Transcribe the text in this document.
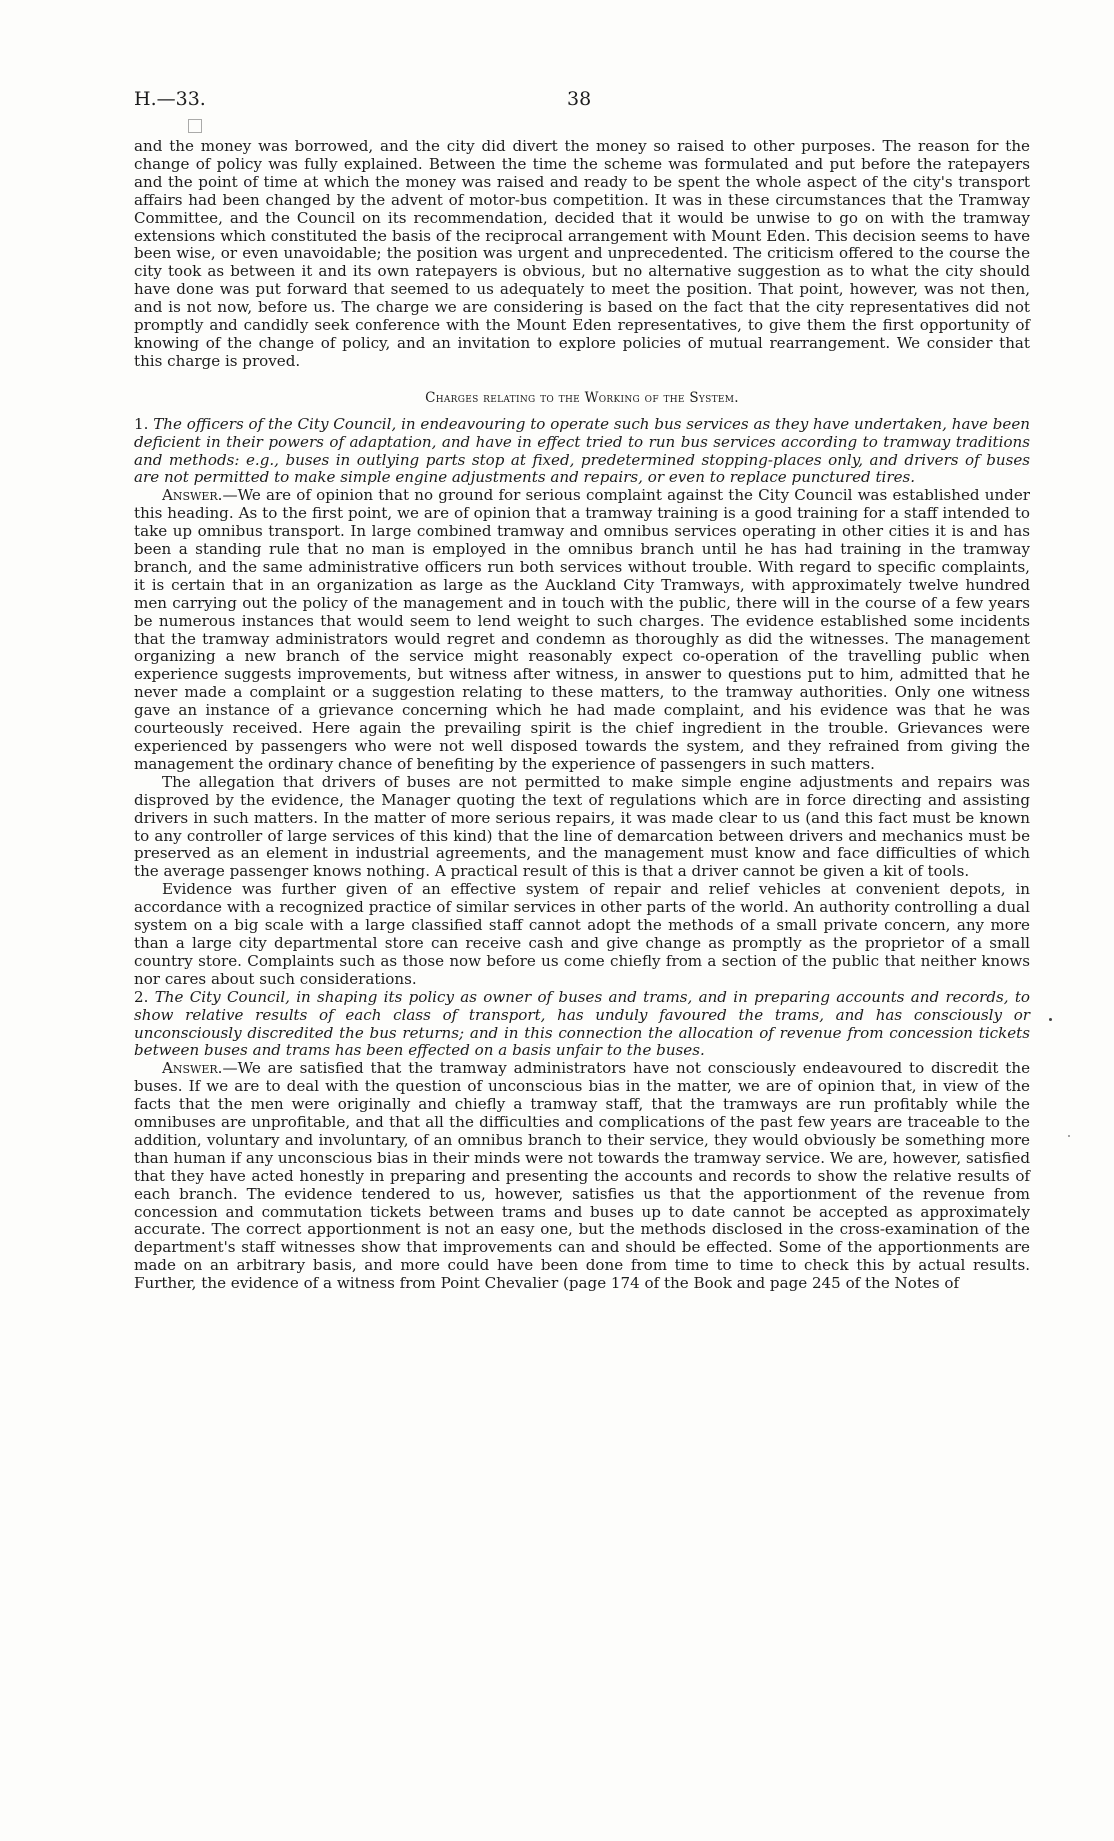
H.—33.	38

and the money was borrowed, and the city did divert the money so raised to other purposes. The reason for the change of policy was fully explained. Between the time the scheme was formulated and put before the ratepayers and the point of time at which the money was raised and ready to be spent the whole aspect of the city's transport affairs had been changed by the advent of motor-bus competition. It was in these circumstances that the Tramway Committee, and the Council on its recommendation, decided that it would be unwise to go on with the tramway extensions which constituted the basis of the reciprocal arrangement with Mount Eden. This decision seems to have been wise, or even unavoidable; the position was urgent and unprecedented. The criticism offered to the course the city took as between it and its own ratepayers is obvious, but no alternative suggestion as to what the city should have done was put forward that seemed to us adequately to meet the position. That point, however, was not then, and is not now, before us. The charge we are considering is based on the fact that the city representatives did not promptly and candidly seek conference with the Mount Eden representatives, to give them the first opportunity of knowing of the change of policy, and an invitation to explore policies of mutual rearrangement. We consider that this charge is proved.

Charges relating to the Working of the System.

1. The officers of the City Council, in endeavouring to operate such bus services as they have undertaken, have been deficient in their powers of adaptation, and have in effect tried to run bus services according to tramway traditions and methods: e.g., buses in outlying parts stop at fixed, predetermined stopping-places only, and drivers of buses are not permitted to make simple engine adjustments and repairs, or even to replace punctured tires.

Answer.—We are of opinion that no ground for serious complaint against the City Council was established under this heading. As to the first point, we are of opinion that a tramway training is a good training for a staff intended to take up omnibus transport. In large combined tramway and omnibus services operating in other cities it is and has been a standing rule that no man is employed in the omnibus branch until he has had training in the tramway branch, and the same administrative officers run both services without trouble. With regard to specific complaints, it is certain that in an organization as large as the Auckland City Tramways, with approximately twelve hundred men carrying out the policy of the management and in touch with the public, there will in the course of a few years be numerous instances that would seem to lend weight to such charges. The evidence established some incidents that the tramway administrators would regret and condemn as thoroughly as did the witnesses. The management organizing a new branch of the service might reasonably expect co-operation of the travelling public when experience suggests improvements, but witness after witness, in answer to questions put to him, admitted that he never made a complaint or a suggestion relating to these matters, to the tramway authorities. Only one witness gave an instance of a grievance concerning which he had made complaint, and his evidence was that he was courteously received. Here again the prevailing spirit is the chief ingredient in the trouble. Grievances were experienced by passengers who were not well disposed towards the system, and they refrained from giving the management the ordinary chance of benefiting by the experience of passengers in such matters.

The allegation that drivers of buses are not permitted to make simple engine adjustments and repairs was disproved by the evidence, the Manager quoting the text of regulations which are in force directing and assisting drivers in such matters. In the matter of more serious repairs, it was made clear to us (and this fact must be known to any controller of large services of this kind) that the line of demarcation between drivers and mechanics must be preserved as an element in industrial agreements, and the management must know and face difficulties of which the average passenger knows nothing. A practical result of this is that a driver cannot be given a kit of tools.

Evidence was further given of an effective system of repair and relief vehicles at convenient depots, in accordance with a recognized practice of similar services in other parts of the world. An authority controlling a dual system on a big scale with a large classified staff cannot adopt the methods of a small private concern, any more than a large city departmental store can receive cash and give change as promptly as the proprietor of a small country store. Complaints such as those now before us come chiefly from a section of the public that neither knows nor cares about such considerations.

2. The City Council, in shaping its policy as owner of buses and trams, and in preparing accounts and records, to show relative results of each class of transport, has unduly favoured the trams, and has consciously or unconsciously discredited the bus returns; and in this connection the allocation of revenue from concession tickets between buses and trams has been effected on a basis unfair to the buses.

Answer.—We are satisfied that the tramway administrators have not consciously endeavoured to discredit the buses. If we are to deal with the question of unconscious bias in the matter, we are of opinion that, in view of the facts that the men were originally and chiefly a tramway staff, that the tramways are run profitably while the omnibuses are unprofitable, and that all the difficulties and complications of the past few years are traceable to the addition, voluntary and involuntary, of an omnibus branch to their service, they would obviously be something more than human if any unconscious bias in their minds were not towards the tramway service. We are, however, satisfied that they have acted honestly in preparing and presenting the accounts and records to show the relative results of each branch. The evidence tendered to us, however, satisfies us that the apportionment of the revenue from concession and commutation tickets between trams and buses up to date cannot be accepted as approximately accurate. The correct apportionment is not an easy one, but the methods disclosed in the cross-examination of the department's staff witnesses show that improvements can and should be effected. Some of the apportionments are made on an arbitrary basis, and more could have been done from time to time to check this by actual results. Further, the evidence of a witness from Point Chevalier (page 174 of the Book and page 245 of the Notes of
